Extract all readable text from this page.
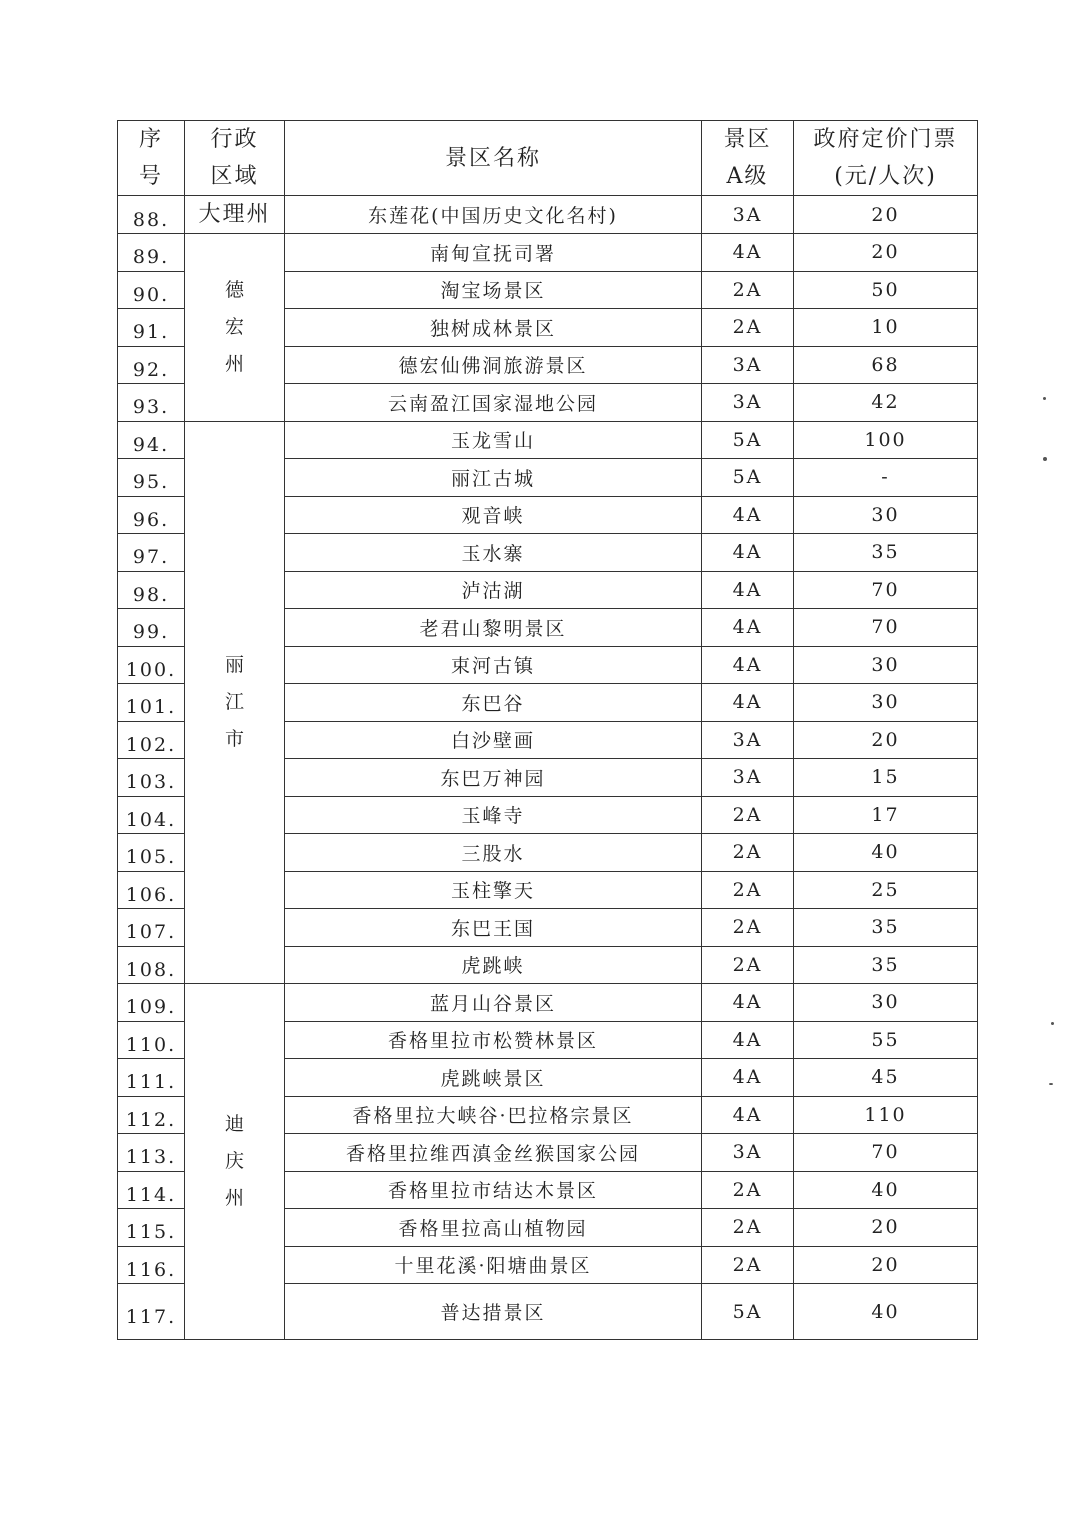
序号	行政区域	景区名称	景区A级	政府定价门票(元/人次)
88.	大理州	东莲花(中国历史文化名村)	3A	20
89.	德宏州	南甸宣抚司署	4A	20
90.		淘宝场景区	2A	50
91.		独树成林景区	2A	10
92.		德宏仙佛洞旅游景区	3A	68
93.		云南盈江国家湿地公园	3A	42
94.	丽江市	玉龙雪山	5A	100
95.		丽江古城	5A	-
96.		观音峡	4A	30
97.		玉水寨	4A	35
98.		泸沽湖	4A	70
99.		老君山黎明景区	4A	70
100.		束河古镇	4A	30
101.		东巴谷	4A	30
102.		白沙壁画	3A	20
103.		东巴万神园	3A	15
104.		玉峰寺	2A	17
105.		三股水	2A	40
106.		玉柱擎天	2A	25
107.		东巴王国	2A	35
108.		虎跳峡	2A	35
109.	迪庆州	蓝月山谷景区	4A	30
110.		香格里拉市松赞林景区	4A	55
111.		虎跳峡景区	4A	45
112.		香格里拉大峡谷·巴拉格宗景区	4A	110
113.		香格里拉维西滇金丝猴国家公园	3A	70
114.		香格里拉市结达木景区	2A	40
115.		香格里拉高山植物园	2A	20
116.		十里花溪·阳塘曲景区	2A	20
117.		普达措景区	5A	40
